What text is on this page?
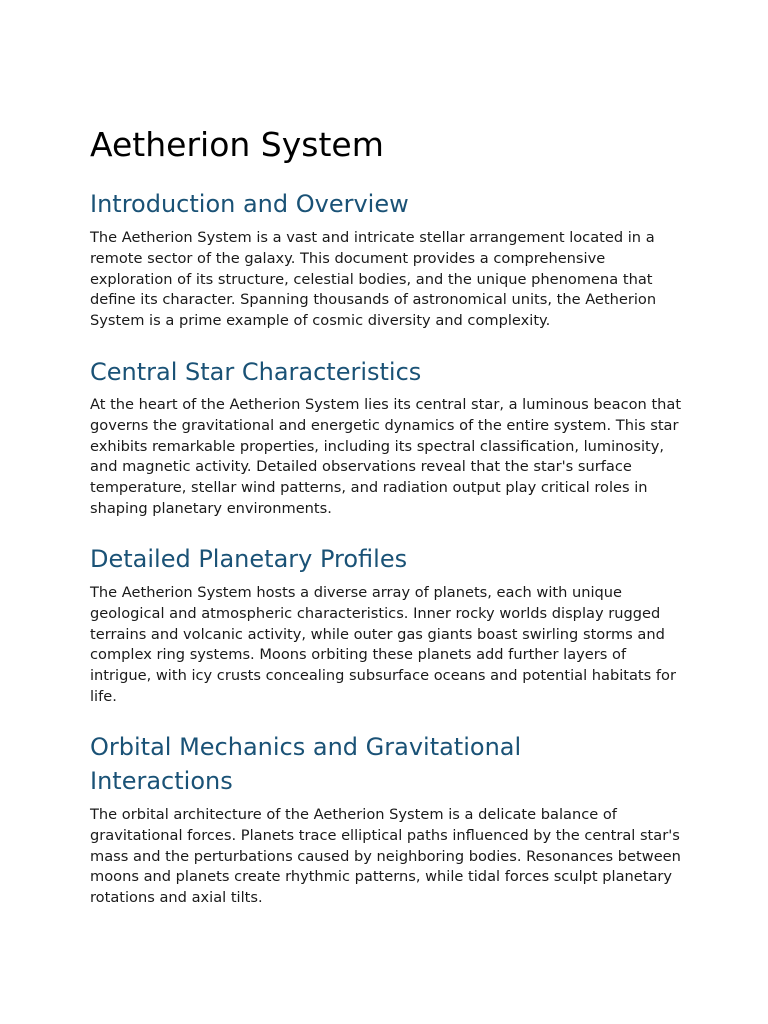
Aetherion System
Introduction and Overview

The Aetherion System is a vast and intricate stellar arrangement located in a remote sector of the galaxy. This document provides a comprehensive exploration of its structure, celestial bodies, and the unique phenomena that define its character. Spanning thousands of astronomical units, the Aetherion System is a prime example of cosmic diversity and complexity.

Central Star Characteristics

At the heart of the Aetherion System lies its central star, a luminous beacon that governs the gravitational and energetic dynamics of the entire system. This star exhibits remarkable properties, including its spectral classification, luminosity, and magnetic activity. Detailed observations reveal that the star's surface temperature, stellar wind patterns, and radiation output play critical roles in shaping planetary environments.

Detailed Planetary Profiles

The Aetherion System hosts a diverse array of planets, each with unique geological and atmospheric characteristics. Inner rocky worlds display rugged terrains and volcanic activity, while outer gas giants boast swirling storms and complex ring systems. Moons orbiting these planets add further layers of intrigue, with icy crusts concealing subsurface oceans and potential habitats for life.

Orbital Mechanics and Gravitational Interactions

The orbital architecture of the Aetherion System is a delicate balance of gravitational forces. Planets trace elliptical paths influenced by the central star's mass and the perturbations caused by neighboring bodies. Resonances between moons and planets create rhythmic patterns, while tidal forces sculpt planetary rotations and axial tilts.
